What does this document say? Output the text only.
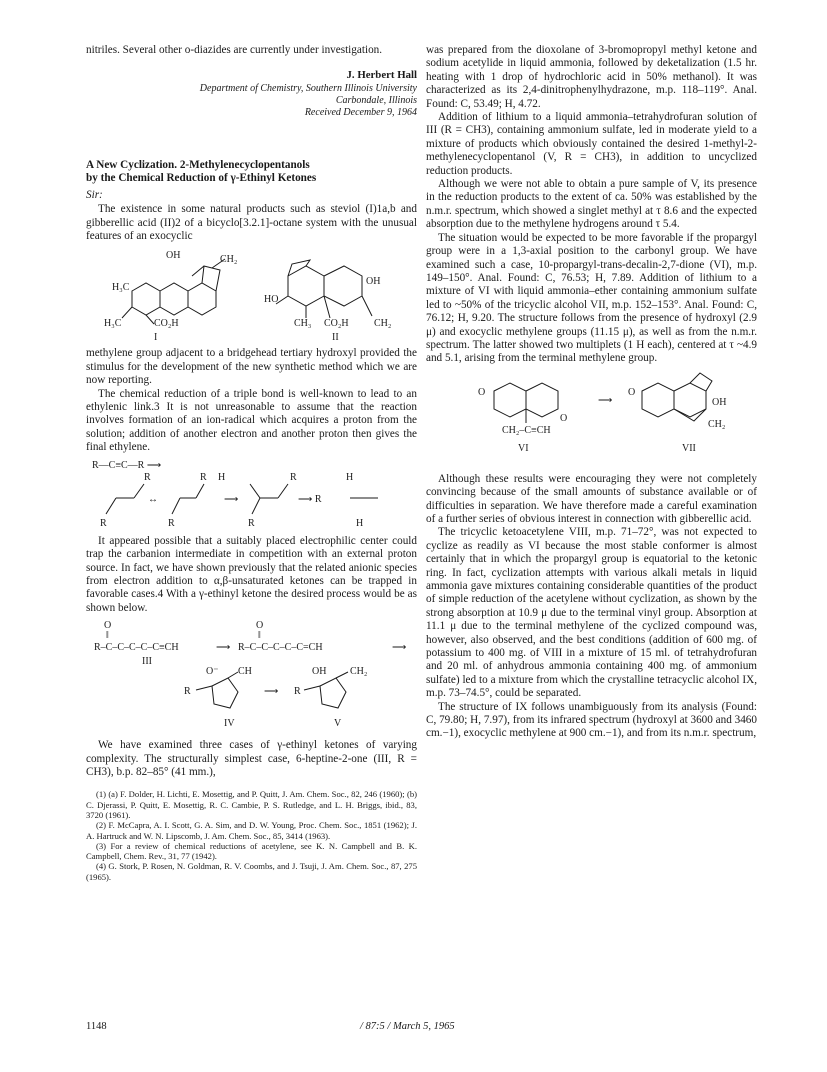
nitriles. Several other o-diazides are currently under investigation.

J. Herbert Hall

Department of Chemistry, Southern Illinois University

Carbondale, Illinois

Received December 9, 1964

A New Cyclization. 2-Methylenecyclopentanols
by the Chemical Reduction of γ-Ethinyl Ketones

Sir:

The existence in some natural products such as steviol (I)1a,b and gibberellic acid (II)2 of a bicyclo[3.2.1]-octane system with the unusual features of an exocyclic

OH	CH₂
H₃C
H₃C	CO₂H
I
HO
OH
CH₃ CO₂H	CH₂
II

methylene group adjacent to a bridgehead tertiary hydroxyl provided the stimulus for the development of the new synthetic method which we are now reporting.

The chemical reduction of a triple bond is well-known to lead to an ethylenic link.3 It is not unreasonable to assume that the reaction involves formation of an ion-radical which acquires a proton from the solution; addition of another electron and another proton then gives the final ethylene.

R—C≡C—R ⟶
R	R H	R	H
R	R	R	H
↔	⟶	⟶ R

It appeared possible that a suitably placed electrophilic center could trap the carbanion intermediate in competition with an external proton source. In fact, we have shown previously that the related anionic species from electron addition to α,β-unsaturated ketones can be trapped in favorable cases.4 With a γ-ethinyl ketone the desired process would be as shown below.

O
‖
R–C–C–C–C–C≡CH	⟶
O
‖
R–C–C–C–C–C=CH	⟶
III
O⁻ CH
R	⟶ R
OH CH₂
IV	V

We have examined three cases of γ-ethinyl ketones of varying complexity. The structurally simplest case, 6-heptine-2-one (III, R = CH3), b.p. 82–85° (41 mm.),

(1) (a) F. Dolder, H. Lichti, E. Mosettig, and P. Quitt, J. Am. Chem. Soc., 82, 246 (1960); (b) C. Djerassi, P. Quitt, E. Mosettig, R. C. Cambie, P. S. Rutledge, and L. H. Briggs, ibid., 83, 3720 (1961).

(2) F. McCapra, A. I. Scott, G. A. Sim, and D. W. Young, Proc. Chem. Soc., 1851 (1962); J. A. Hartruck and W. N. Lipscomb, J. Am. Chem. Soc., 85, 3414 (1963).

(3) For a review of chemical reductions of acetylene, see K. N. Campbell and B. K. Campbell, Chem. Rev., 31, 77 (1942).

(4) G. Stork, P. Rosen, N. Goldman, R. V. Coombs, and J. Tsuji, J. Am. Chem. Soc., 87, 275 (1965).

was prepared from the dioxolane of 3-bromopropyl methyl ketone and sodium acetylide in liquid ammonia, followed by deketalization (1.5 hr. heating with 1 drop of hydrochloric acid in 50% methanol). It was characterized as its 2,4-dinitrophenylhydrazone, m.p. 118–119°. Anal. Found: C, 53.49; H, 4.72.

Addition of lithium to a liquid ammonia–tetrahydrofuran solution of III (R = CH3), containing ammonium sulfate, led in moderate yield to a mixture of products which obviously contained the desired 1-methyl-2-methylenecyclopentanol (V, R = CH3), in addition to uncyclized reduction products.

Although we were not able to obtain a pure sample of V, its presence in the reduction products to the extent of ca. 50% was established by the n.m.r. spectrum, which showed a singlet methyl at τ 8.6 and the expected absorption due to the methylene hydrogens around τ 5.4.

The situation would be expected to be more favorable if the propargyl group were in a 1,3-axial position to the carbonyl group. We have examined such a case, 10-propargyl-trans-decalin-2,7-dione (VI), m.p. 149–150°. Anal. Found: C, 76.53; H, 7.89. Addition of lithium to a mixture of VI with liquid ammonia–ether containing ammonium sulfate led to ~50% of the tricyclic alcohol VII, m.p. 152–153°. Anal. Found: C, 76.12; H, 9.20. The structure follows from the presence of hydroxyl (2.9 μ) and exocyclic methylene groups (11.15 μ), as well as from the n.m.r. spectrum. The latter showed two multiplets (1 H each), centered at τ ~4.9 and 5.1, arising from the terminal methylene group.

O
O
CH₂–C≡CH
VI
⟶
O
OH
CH₂
VII

Although these results were encouraging they were not completely convincing because of the small amounts of substance available or of difficulties in separation. We have therefore made a careful examination of a further series of obvious interest in connection with gibberellic acid.

The tricyclic ketoacetylene VIII, m.p. 71–72°, was not expected to cyclize as readily as VI because the most stable conformer is almost certainly that in which the propargyl group is equatorial to the ketonic ring. In fact, cyclization attempts with various alkali metals in liquid ammonia gave mixtures containing considerable quantities of the product of simple reduction of the acetylene without cyclization, as shown by the strong absorption at 10.9 μ due to the terminal vinyl group. Absorption at 11.1 μ due to the terminal methylene of the cyclized compound was, however, also observed, and the best conditions (addition of 600 mg. of potassium to 400 mg. of VIII in a mixture of 15 ml. of tetrahydrofuran and 20 ml. of anhydrous ammonia containing 400 mg. of ammonium sulfate) led to a mixture from which the crystalline tetracyclic alcohol IX, m.p. 73–74.5°, could be separated.

The structure of IX follows unambiguously from its analysis (Found: C, 79.80; H, 7.97), from its infrared spectrum (hydroxyl at 3600 and 3460 cm.−1), exocyclic methylene at 900 cm.−1), and from its n.m.r. spectrum,

1148	/ 87:5 / March 5, 1965
